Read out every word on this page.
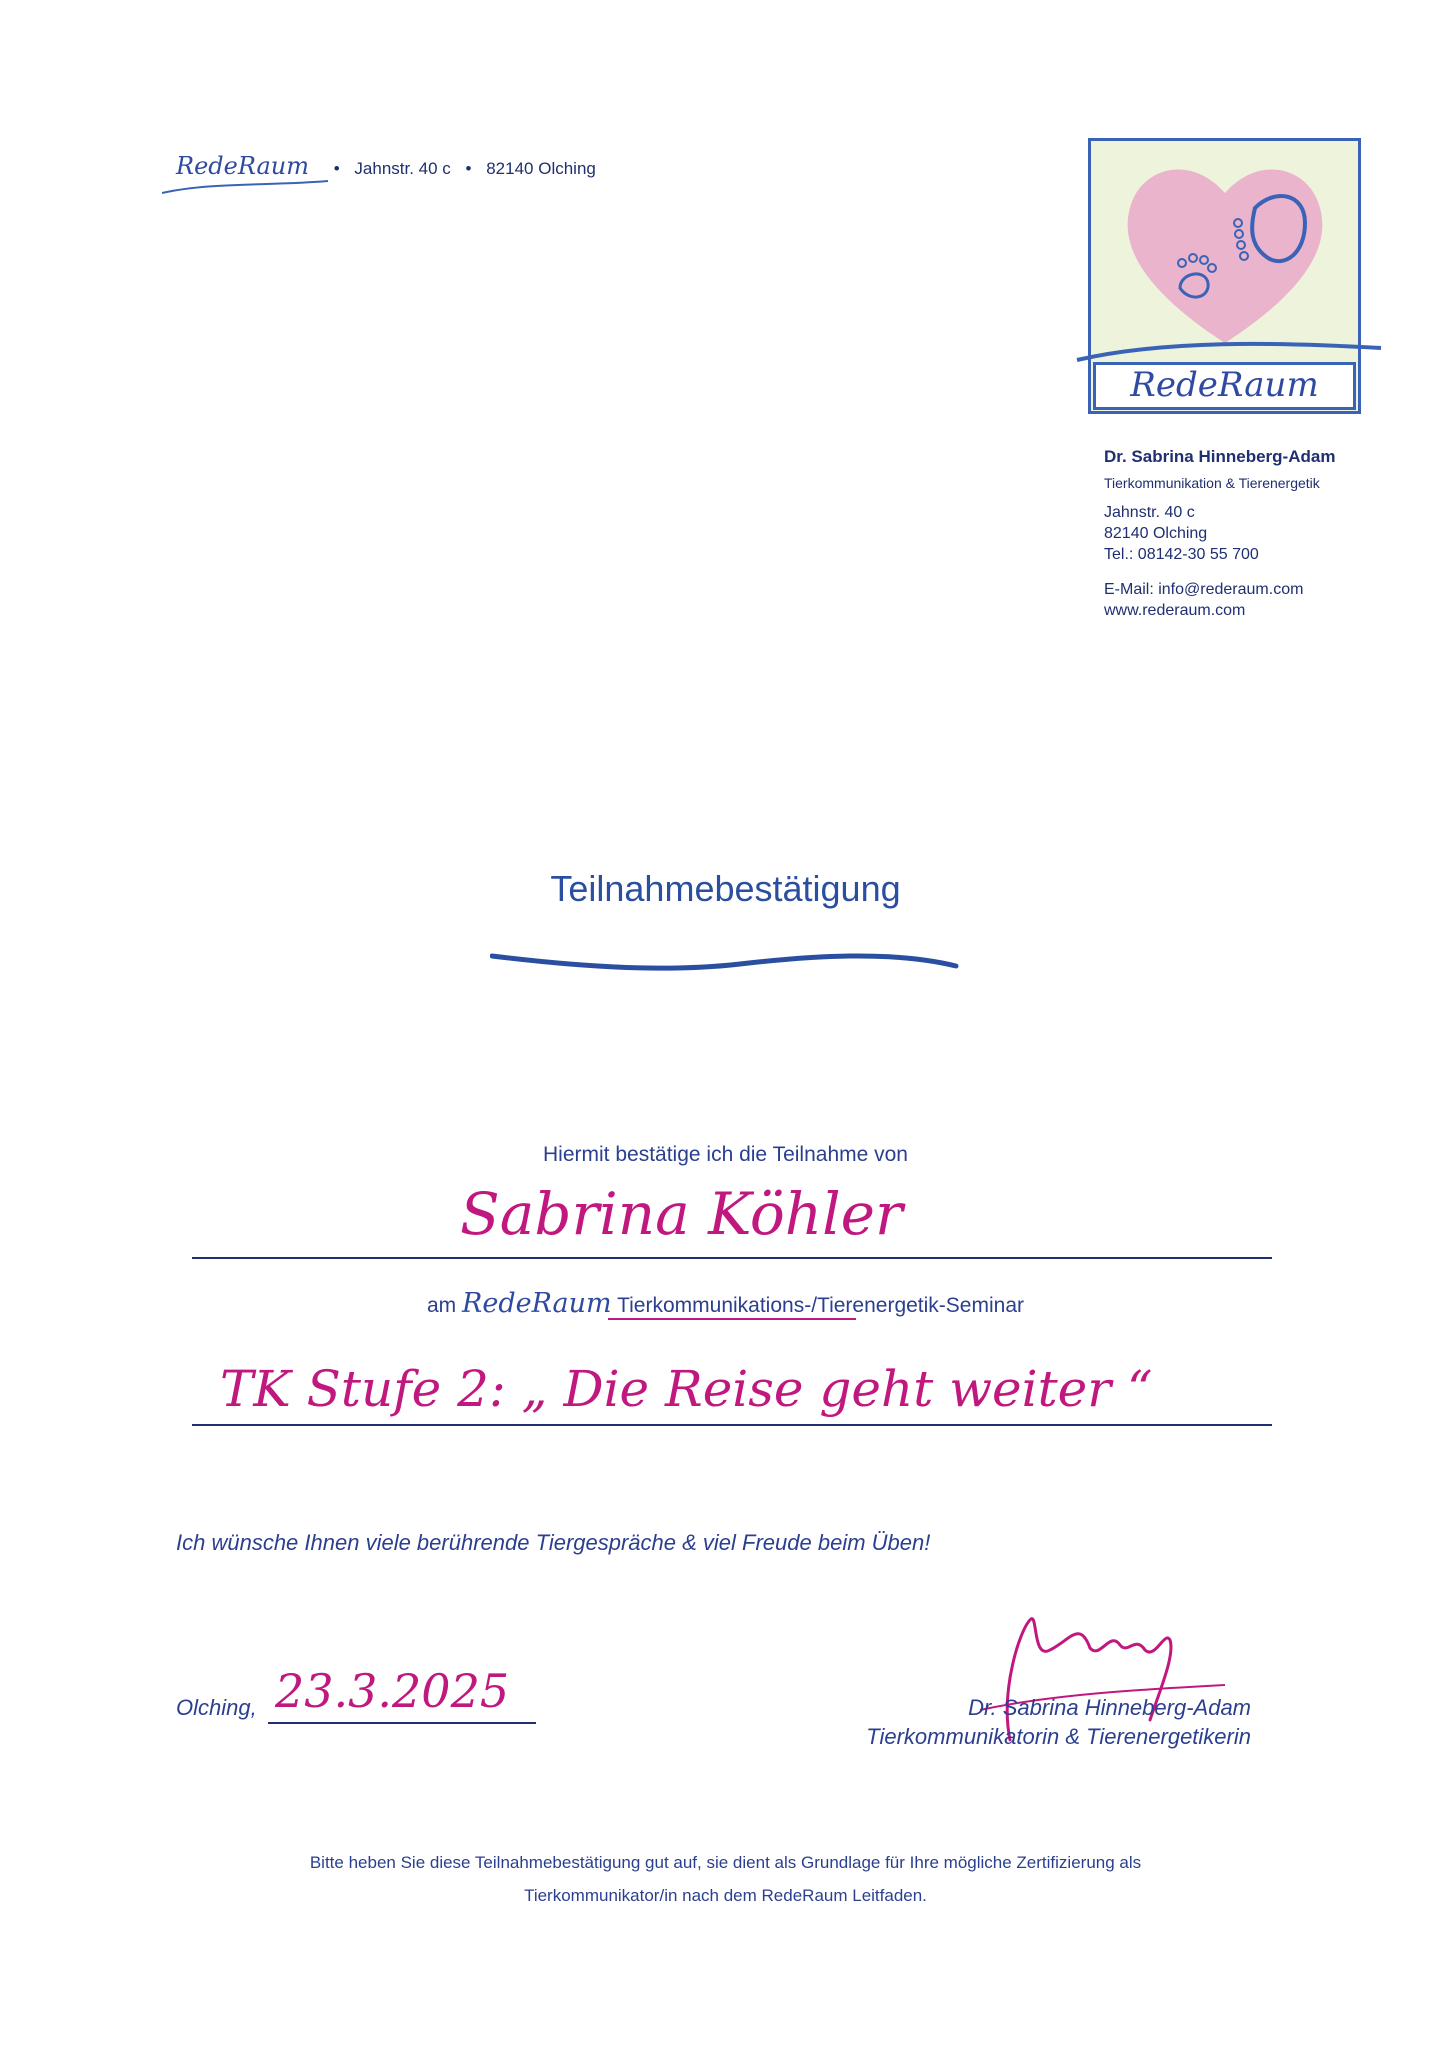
RedeRaum • Jahnstr. 40 c • 82140 Olching
RedeRaum
Dr. Sabrina Hinneberg-Adam
Tierkommunikation & Tierenergetik
Jahnstr. 40 c
82140 Olching
Tel.: 08142-30 55 700
E-Mail: info@rederaum.com
www.rederaum.com
Teilnahmebestätigung
Hiermit bestätige ich die Teilnahme von
Sabrina Köhler
am RedeRaum Tierkommunikations-/Tierenergetik-Seminar
TK Stufe 2: „ Die Reise geht weiter “
Ich wünsche Ihnen viele berührende Tiergespräche & viel Freude beim Üben!
Olching, 23.3.2025	Dr. Sabrina Hinneberg-Adam
Tierkommunikatorin & Tierenergetikerin
Bitte heben Sie diese Teilnahmebestätigung gut auf, sie dient als Grundlage für Ihre mögliche Zertifizierung als
Tierkommunikator/in nach dem RedeRaum Leitfaden.
